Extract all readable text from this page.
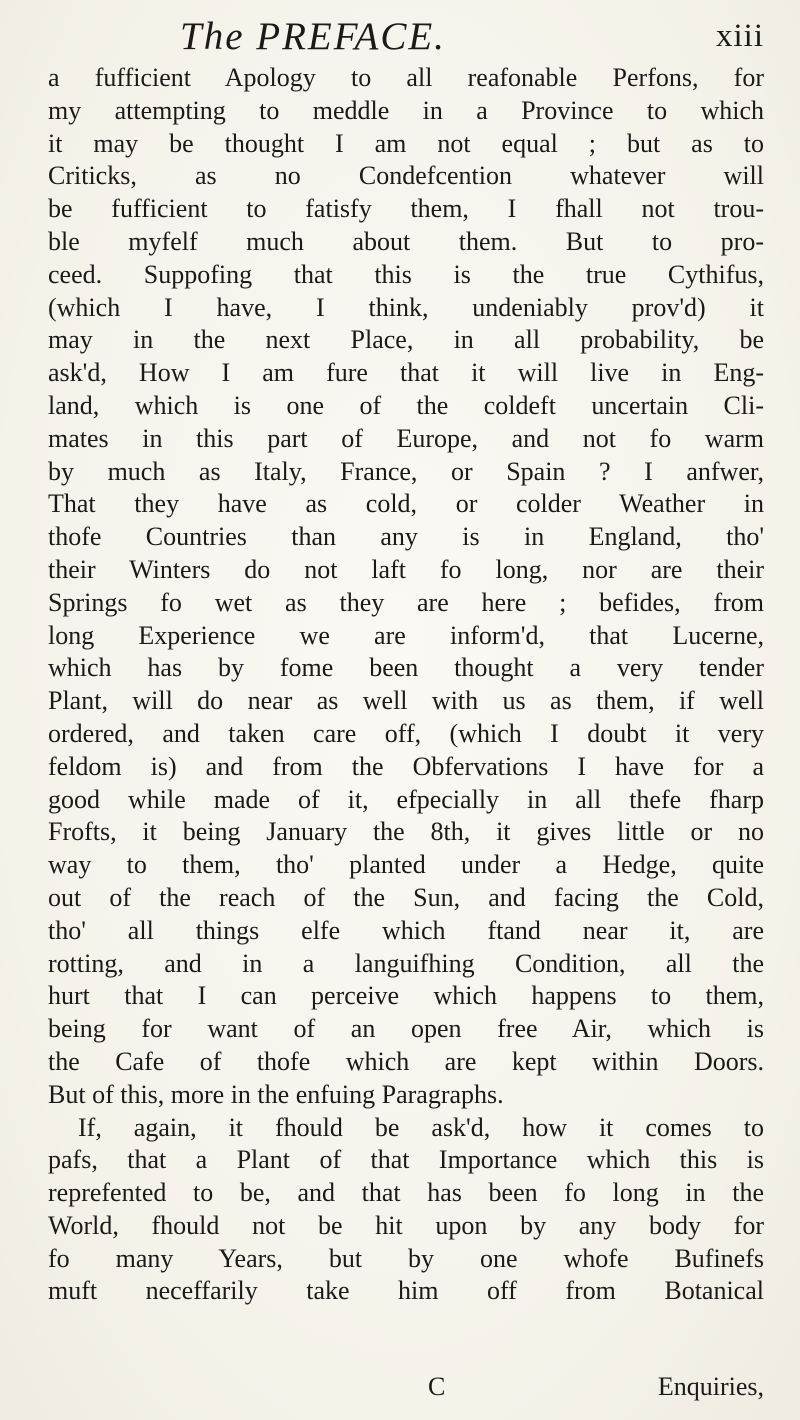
The PREFACE.	xiii
a fufficient Apology to all reafonable Perfons, for
my attempting to meddle in a Province to which
it may be thought I am not equal ; but as to
Criticks, as no Condefcention whatever will
be fufficient to fatisfy them, I fhall not trou-
ble myfelf much about them. But to pro-
ceed. Suppofing that this is the true Cythifus,
(which I have, I think, undeniably prov'd) it
may in the next Place, in all probability, be
ask'd, How I am fure that it will live in Eng-
land, which is one of the coldeft uncertain Cli-
mates in this part of Europe, and not fo warm
by much as Italy, France, or Spain ? I anfwer,
That they have as cold, or colder Weather in
thofe Countries than any is in England, tho'
their Winters do not laft fo long, nor are their
Springs fo wet as they are here ; befides, from
long Experience we are inform'd, that Lucerne,
which has by fome been thought a very tender
Plant, will do near as well with us as them, if well
ordered, and taken care off, (which I doubt it very
feldom is) and from the Obfervations I have for a
good while made of it, efpecially in all thefe fharp
Frofts, it being January the 8th, it gives little or no
way to them, tho' planted under a Hedge, quite
out of the reach of the Sun, and facing the Cold,
tho' all things elfe which ftand near it, are
rotting, and in a languifhing Condition, all the
hurt that I can perceive which happens to them,
being for want of an open free Air, which is
the Cafe of thofe which are kept within Doors.
But of this, more in the enfuing Paragraphs.
If, again, it fhould be ask'd, how it comes to
pafs, that a Plant of that Importance which this is
reprefented to be, and that has been fo long in the
World, fhould not be hit upon by any body for
fo many Years, but by one whofe Bufinefs
muft neceffarily take him off from Botanical
C	Enquiries,
